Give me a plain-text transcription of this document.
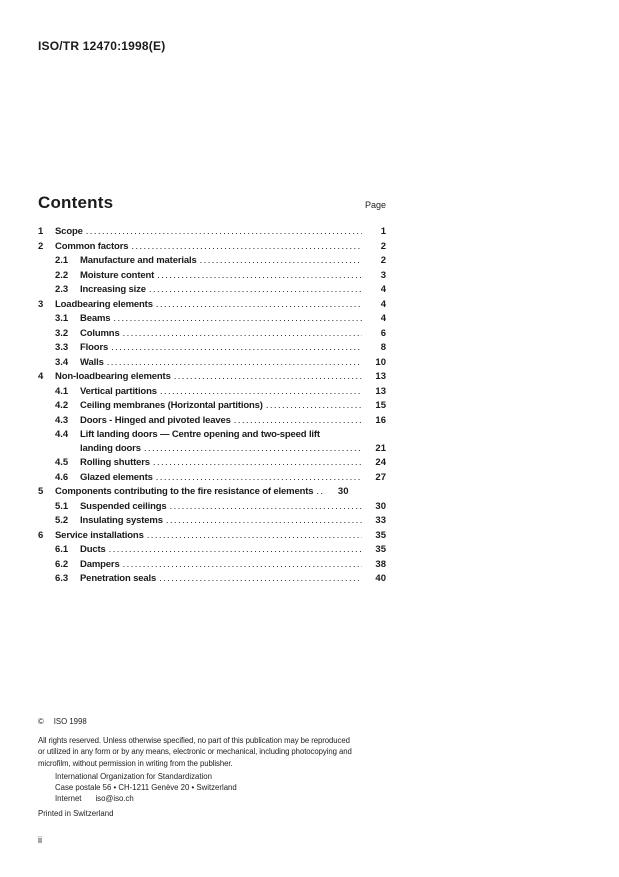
ISO/TR 12470:1998(E)
Contents	Page
1	Scope .....	1
2	Common factors .....	2
2.1	Manufacture and materials .....	2
2.2	Moisture content .....	3
2.3	Increasing size .....	4
3	Loadbearing elements .....	4
3.1	Beams .....	4
3.2	Columns .....	6
3.3	Floors .....	8
3.4	Walls .....	10
4	Non-loadbearing elements .....	13
4.1	Vertical partitions .....	13
4.2	Ceiling membranes (Horizontal partitions) .....	15
4.3	Doors - Hinged and pivoted leaves .....	16
4.4	Lift landing doors — Centre opening and two-speed lift
landing doors .....	21
4.5	Rolling shutters .....	24
4.6	Glazed elements .....	27
5	Components contributing to the fire resistance of elements ..	30
5.1	Suspended ceilings .....	30
5.2	Insulating systems .....	33
6	Service installations .....	35
6.1	Ducts .....	35
6.2	Dampers .....	38
6.3	Penetration seals .....	40
© ISO 1998
All rights reserved. Unless otherwise specified, no part of this publication may be reproduced
or utilized in any form or by any means, electronic or mechanical, including photocopying and
microfilm, without permission in writing from the publisher.
International Organization for Standardization
Case postale 56 • CH-1211 Genève 20 • Switzerland
Internet iso@iso.ch
Printed in Switzerland
ii
